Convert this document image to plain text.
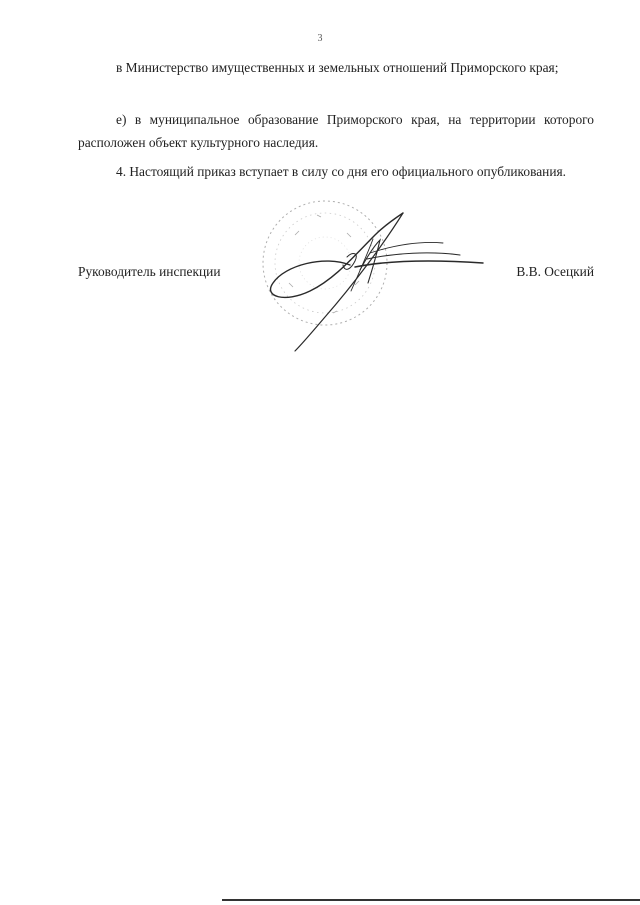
3

в Министерство имущественных и земельных отношений Приморского края;

е) в муниципальное образование Приморского края, на территории которого расположен объект культурного наследия.

4. Настоящий приказ вступает в силу со дня его официального опубликования.

Руководитель инспекции	В.В. Осецкий
